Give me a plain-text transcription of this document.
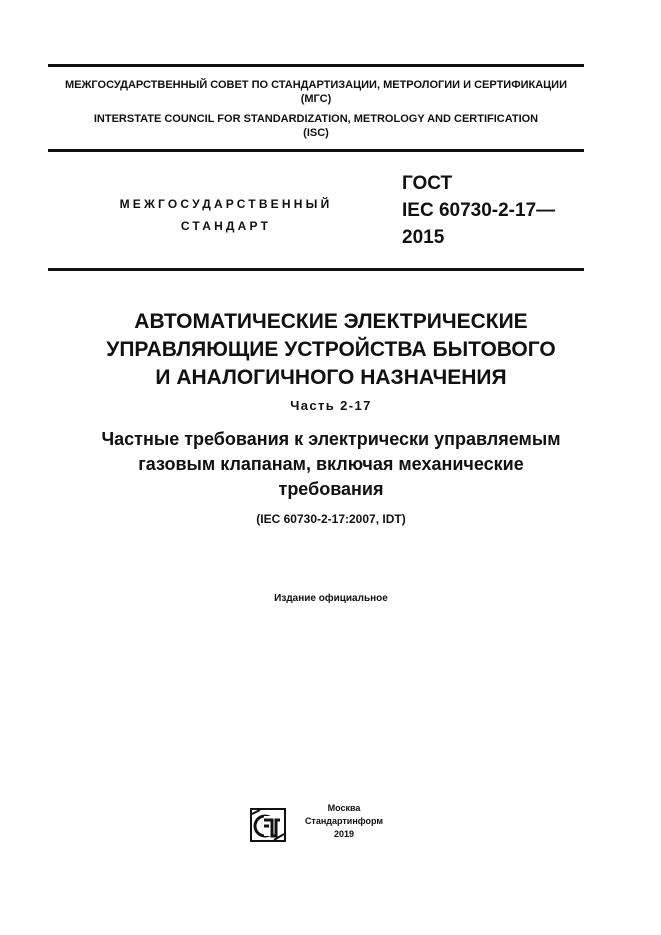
МЕЖГОСУДАРСТВЕННЫЙ СОВЕТ ПО СТАНДАРТИЗАЦИИ, МЕТРОЛОГИИ И СЕРТИФИКАЦИИ
(МГС)
INTERSTATE COUNCIL FOR STANDARDIZATION, METROLOGY AND CERTIFICATION
(ISC)
МЕЖГОСУДАРСТВЕННЫЙ
СТАНДАРТ
ГОСТ
IEC 60730-2-17—
2015
АВТОМАТИЧЕСКИЕ ЭЛЕКТРИЧЕСКИЕ
УПРАВЛЯЮЩИЕ УСТРОЙСТВА БЫТОВОГО
И АНАЛОГИЧНОГО НАЗНАЧЕНИЯ
Часть 2-17
Частные требования к электрически управляемым
газовым клапанам, включая механические
требования
(IEC 60730-2-17:2007, IDT)
Издание официальное
Москва
Стандартинформ
2019
